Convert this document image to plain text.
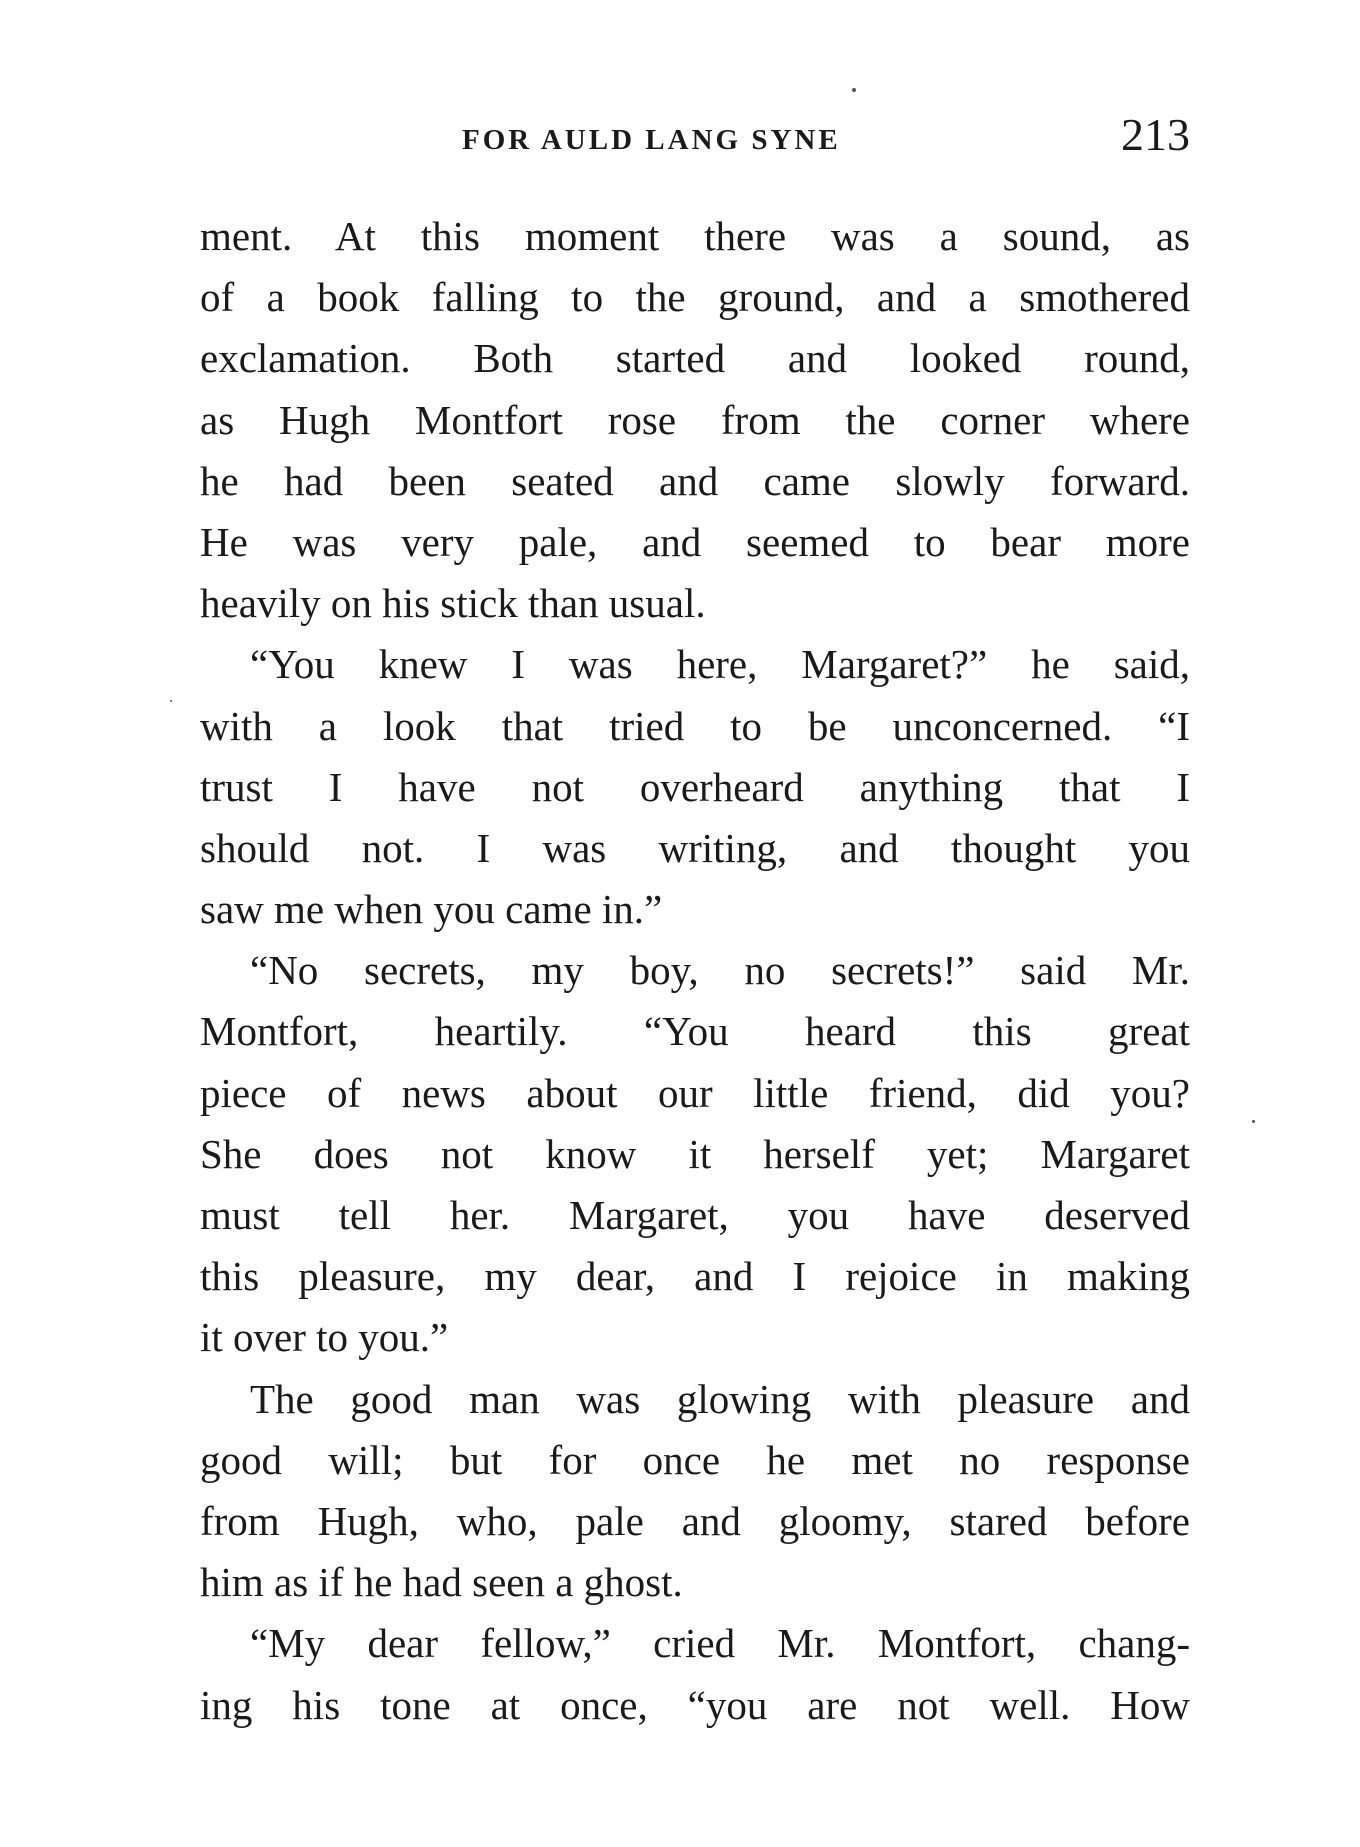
FOR AULD LANG SYNE	213
ment. At this moment there was a sound, as
of a book falling to the ground, and a smothered
exclamation. Both started and looked round,
as Hugh Montfort rose from the corner where
he had been seated and came slowly forward.
He was very pale, and seemed to bear more
heavily on his stick than usual.
“You knew I was here, Margaret?” he said,
with a look that tried to be unconcerned. “I
trust I have not overheard anything that I
should not. I was writing, and thought you
saw me when you came in.”
“No secrets, my boy, no secrets!” said Mr.
Montfort, heartily. “You heard this great
piece of news about our little friend, did you?
She does not know it herself yet; Margaret
must tell her. Margaret, you have deserved
this pleasure, my dear, and I rejoice in making
it over to you.”
The good man was glowing with pleasure and
good will; but for once he met no response
from Hugh, who, pale and gloomy, stared before
him as if he had seen a ghost.
“My dear fellow,” cried Mr. Montfort, chang-
ing his tone at once, “you are not well. How
